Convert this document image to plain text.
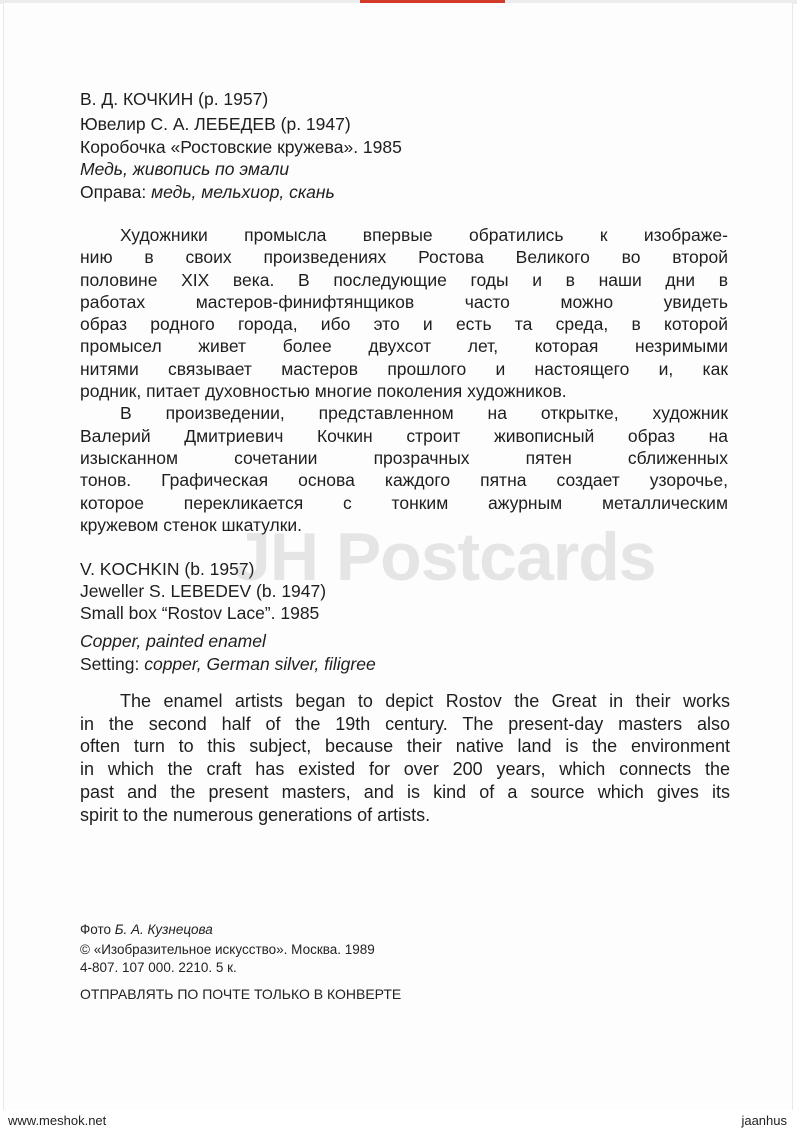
В. Д. КОЧКИН (р. 1957)
Ювелир С. А. ЛЕБЕДЕВ (р. 1947)
Коробочка «Ростовские кружева». 1985
Медь, живопись по эмали
Оправа: медь, мельхиор, скань

Художники промысла впервые обратились к изображе-

нию в своих произведениях Ростова Великого во второй

половине XIX века. В последующие годы и в наши дни в

работах мастеров-финифтянщиков часто можно увидеть

образ родного города, ибо это и есть та среда, в которой

промысел живет более двухсот лет, которая незримыми

нитями связывает мастеров прошлого и настоящего и, как

родник, питает духовностью многие поколения художников.

В произведении, представленном на открытке, художник

Валерий Дмитриевич Кочкин строит живописный образ на

изысканном сочетании прозрачных пятен сближенных

тонов. Графическая основа каждого пятна создает узорочье,

которое перекликается с тонким ажурным металлическим

кружевом стенок шкатулки.

V. KOCHKIN (b. 1957)
Jeweller S. LEBEDEV (b. 1947)
Small box “Rostov Lace”. 1985
Copper, painted enamel
Setting: copper, German silver, filigree

The enamel artists began to depict Rostov the Great in their works

in the second half of the 19th century. The present-day masters also

often turn to this subject, because their native land is the environment

in which the craft has existed for over 200 years, which connects the

past and the present masters, and is kind of a source which gives its

spirit to the numerous generations of artists.

Фото Б. А. Кузнецова
© «Изобразительное искусство». Москва. 1989
4-807. 107 000. 2210. 5 к.
ОТПРАВЛЯТЬ ПО ПОЧТЕ ТОЛЬКО В КОНВЕРТЕ
JH Postcards
www.meshok.net	jaanhus
